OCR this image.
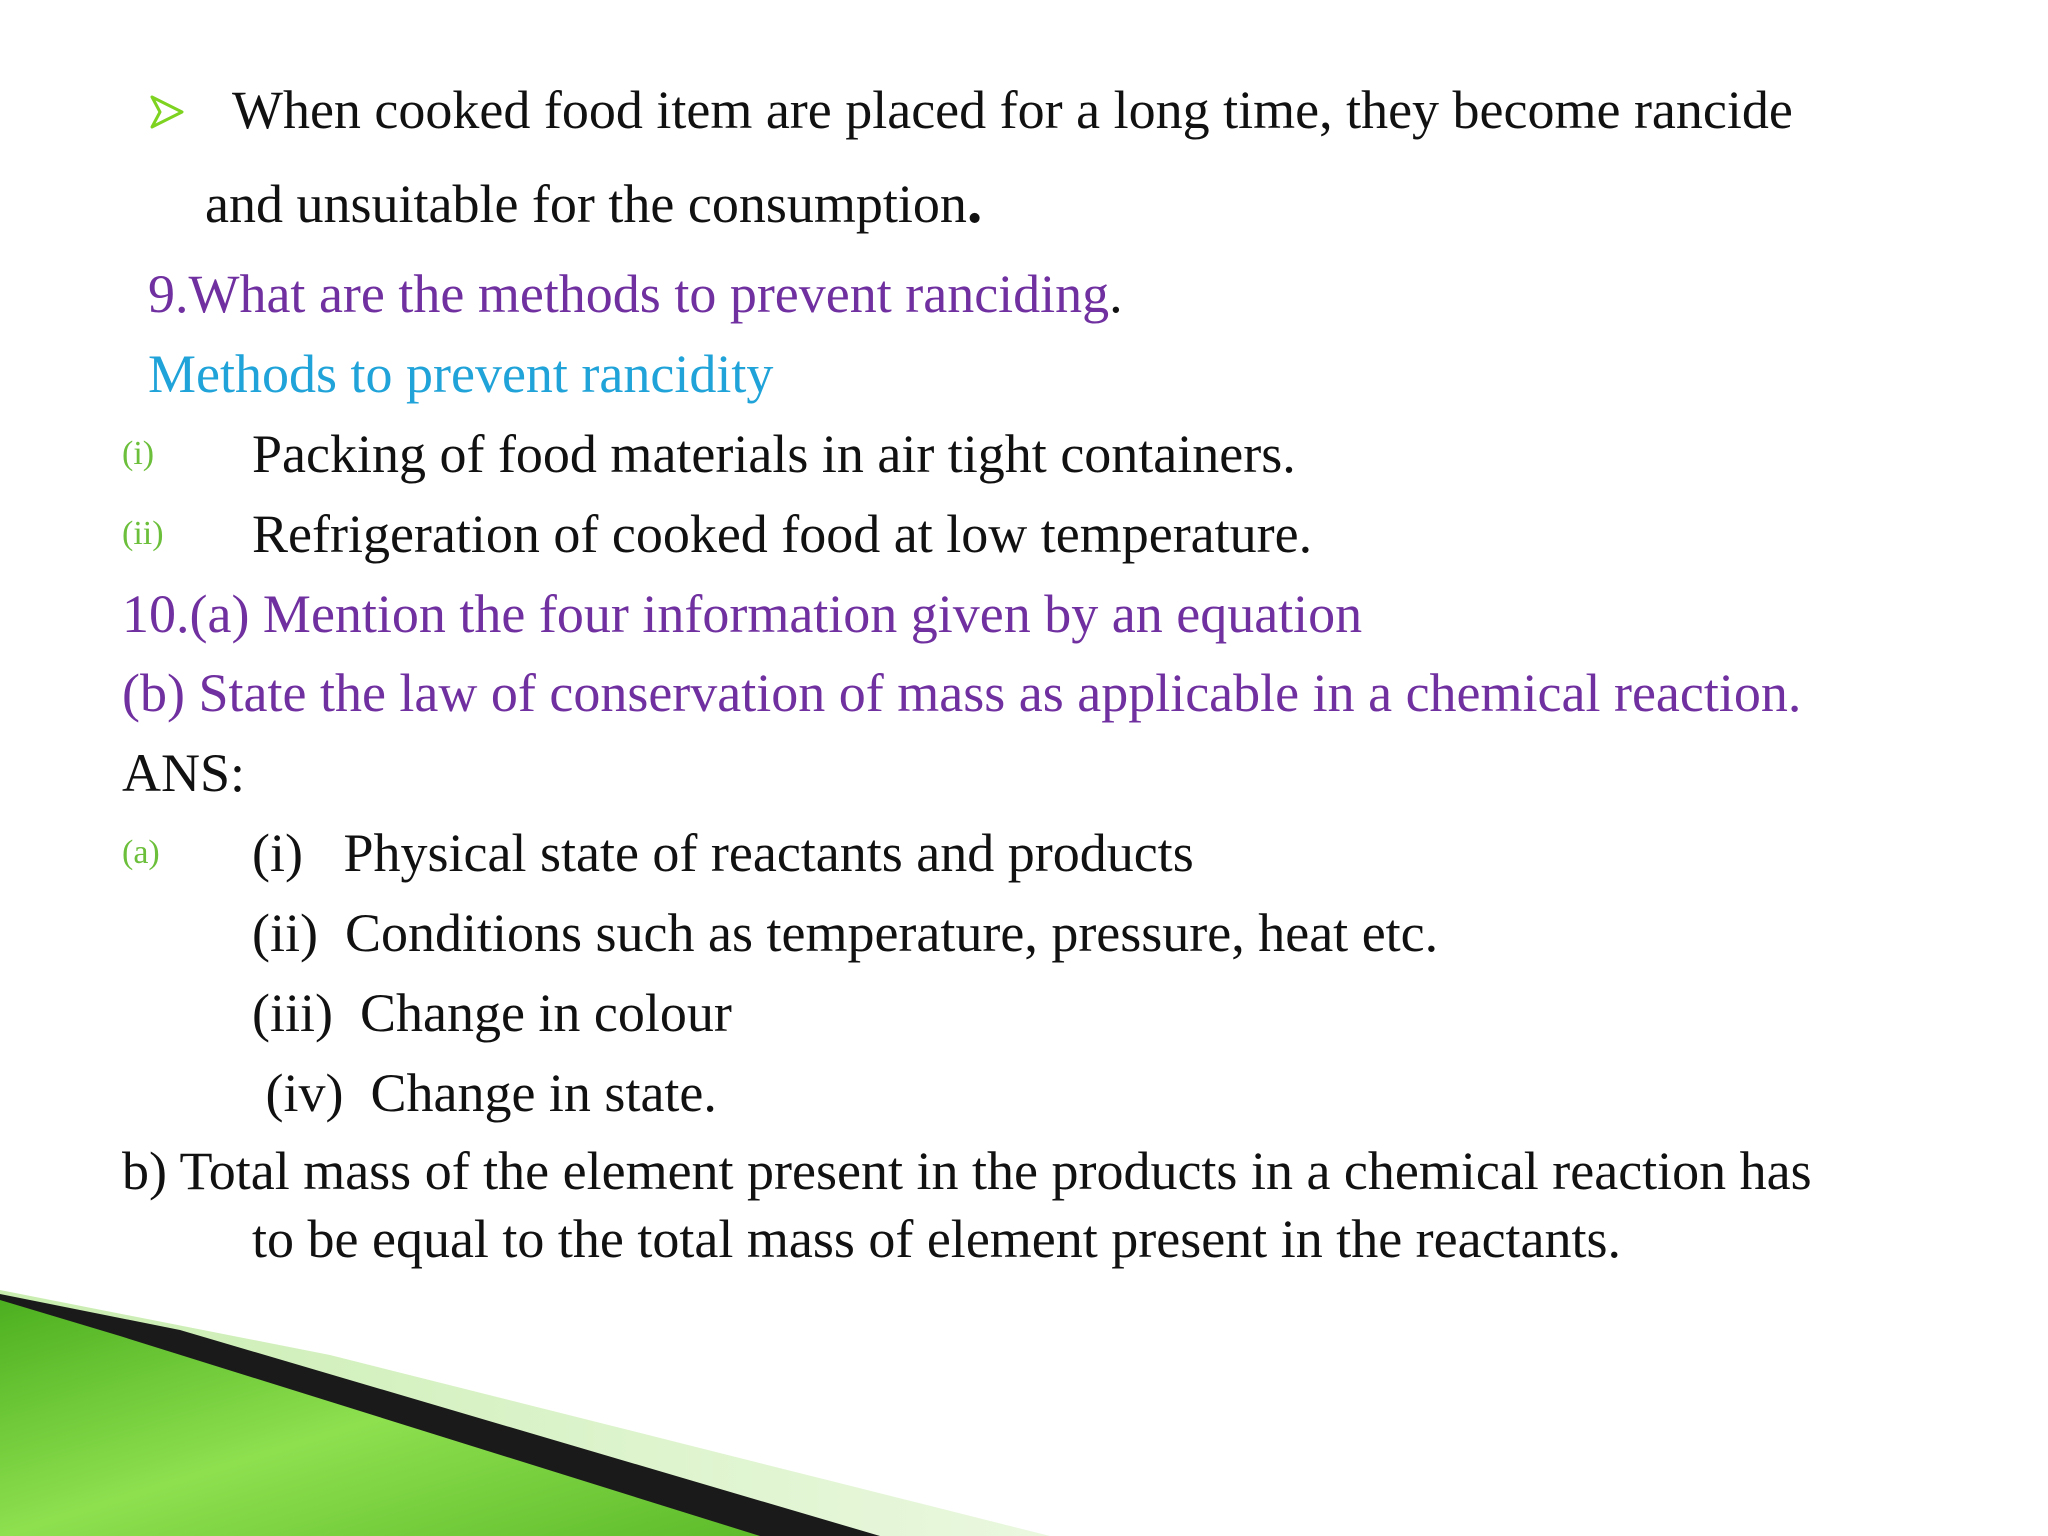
When cooked food item are placed for a long time, they become rancide
and unsuitable for the consumption.
9.What are the methods to prevent ranciding.
Methods to prevent rancidity
(i) Packing of food materials in air tight containers.
(ii) Refrigeration of cooked food at low temperature.
10.(a) Mention the four information given by an equation
(b) State the law of conservation of mass as applicable in a chemical reaction.
ANS:
(a) (i)   Physical state of reactants and products
(ii)  Conditions such as temperature, pressure, heat etc.
(iii)  Change in colour
(iv)  Change in state.
b) Total mass of the element present in the products in a chemical reaction has
to be equal to the total mass of element present in the reactants.
